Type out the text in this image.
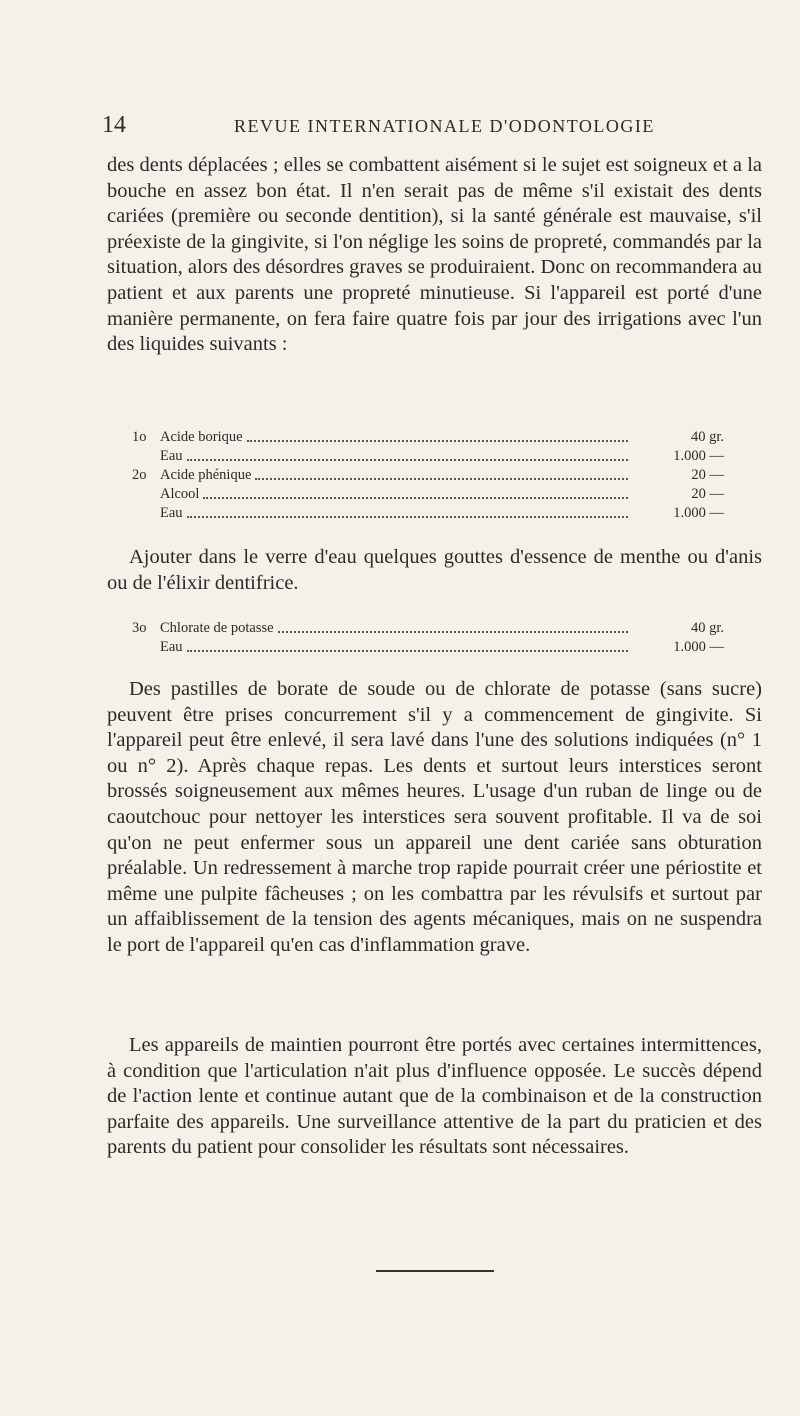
14	REVUE INTERNATIONALE D'ODONTOLOGIE

des dents déplacées ; elles se combattent aisément si le sujet est soigneux et a la bouche en assez bon état. Il n'en serait pas de même s'il existait des dents cariées (première ou seconde dentition), si la santé générale est mauvaise, s'il préexiste de la gingivite, si l'on néglige les soins de propreté, commandés par la situation, alors des désordres graves se produiraient. Donc on recommandera au patient et aux parents une propreté minutieuse. Si l'appareil est porté d'une manière permanente, on fera faire quatre fois par jour des irrigations avec l'un des liquides suivants :

1o Acide borique	40 gr.
Eau	1.000 —
2o Acide phénique	20 —
Alcool	20 —
Eau	1.000 —

Ajouter dans le verre d'eau quelques gouttes d'essence de menthe ou d'anis ou de l'élixir dentifrice.

3o Chlorate de potasse	40 gr.
Eau	1.000 —

Des pastilles de borate de soude ou de chlorate de potasse (sans sucre) peuvent être prises concurrement s'il y a commencement de gingivite. Si l'appareil peut être enlevé, il sera lavé dans l'une des solutions indiquées (n° 1 ou n° 2). Après chaque repas. Les dents et surtout leurs interstices seront brossés soigneusement aux mêmes heures. L'usage d'un ruban de linge ou de caoutchouc pour nettoyer les interstices sera souvent profitable. Il va de soi qu'on ne peut enfermer sous un appareil une dent cariée sans obturation préalable. Un redressement à marche trop rapide pourrait créer une périostite et même une pulpite fâcheuses ; on les combattra par les révulsifs et surtout par un affaiblissement de la tension des agents mécaniques, mais on ne suspendra le port de l'appareil qu'en cas d'inflammation grave.

Les appareils de maintien pourront être portés avec certaines intermittences, à condition que l'articulation n'ait plus d'influence opposée. Le succès dépend de l'action lente et continue autant que de la combinaison et de la construction parfaite des appareils. Une surveillance attentive de la part du praticien et des parents du patient pour consolider les résultats sont nécessaires.
